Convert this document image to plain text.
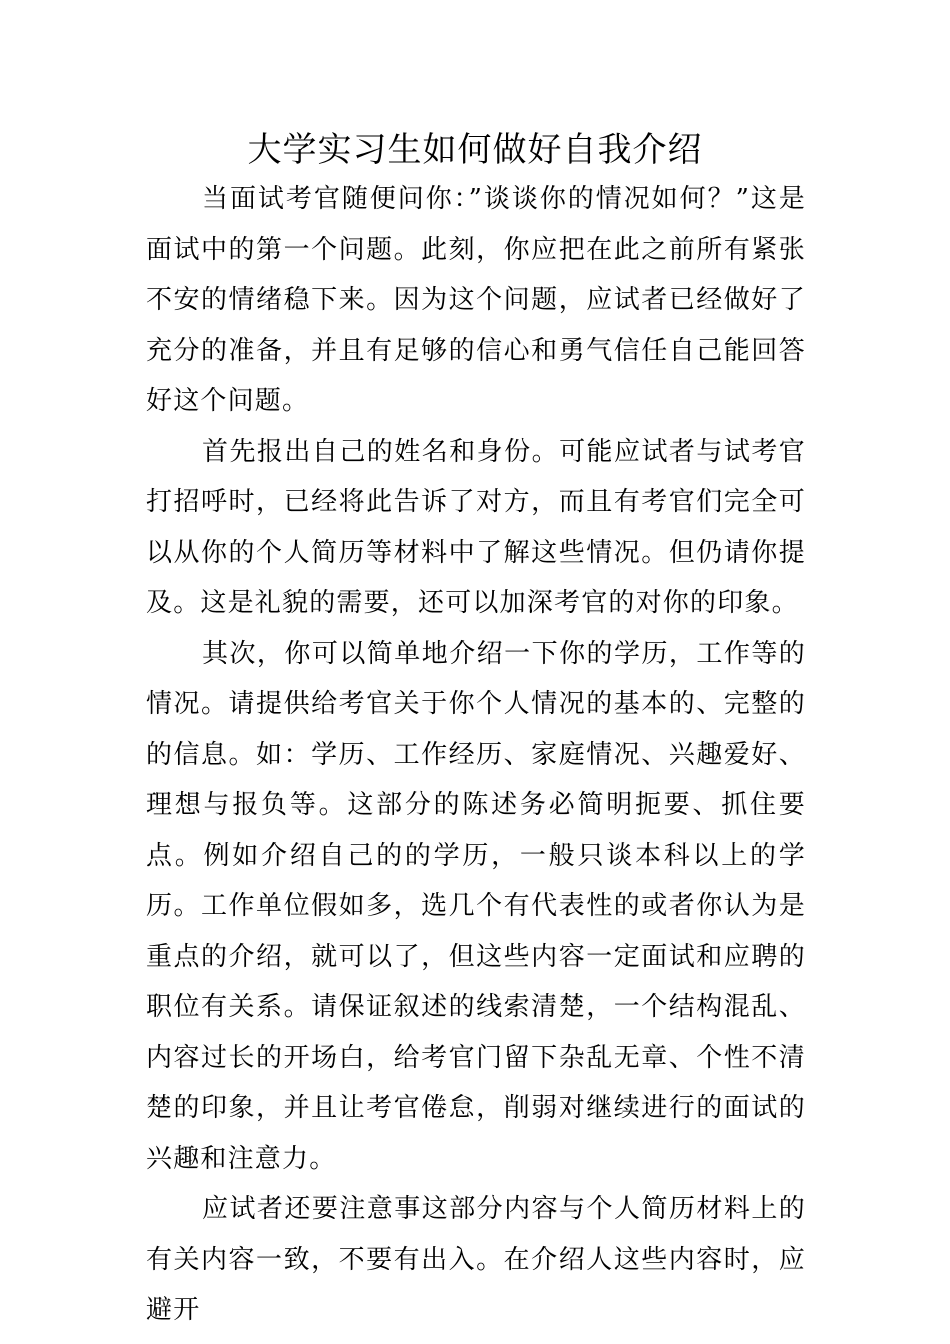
大学实习生如何做好自我介绍

当面试考官随便问你：”谈谈你的情况如何？”这是面试中的第一个问题。此刻，你应把在此之前所有紧张不安的情绪稳下来。因为这个问题，应试者已经做好了充分的准备，并且有足够的信心和勇气信任自己能回答好这个问题。

首先报出自己的姓名和身份。可能应试者与试考官打招呼时，已经将此告诉了对方，而且有考官们完全可以从你的个人简历等材料中了解这些情况。但仍请你提及。这是礼貌的需要，还可以加深考官的对你的印象。

其次，你可以简单地介绍一下你的学历，工作等的情况。请提供给考官关于你个人情况的基本的、完整的的信息。如：学历、工作经历、家庭情况、兴趣爱好、理想与报负等。这部分的陈述务必简明扼要、抓住要点。例如介绍自己的的学历，一般只谈本科以上的学历。工作单位假如多，选几个有代表性的或者你认为是重点的介绍，就可以了，但这些内容一定面试和应聘的职位有关系。请保证叙述的线索清楚，一个结构混乱、内容过长的开场白，给考官门留下杂乱无章、个性不清楚的印象，并且让考官倦怠，削弱对继续进行的面试的兴趣和注意力。

应试者还要注意事这部分内容与个人简历材料上的有关内容一致，不要有出入。在介绍人这些内容时，应避开
